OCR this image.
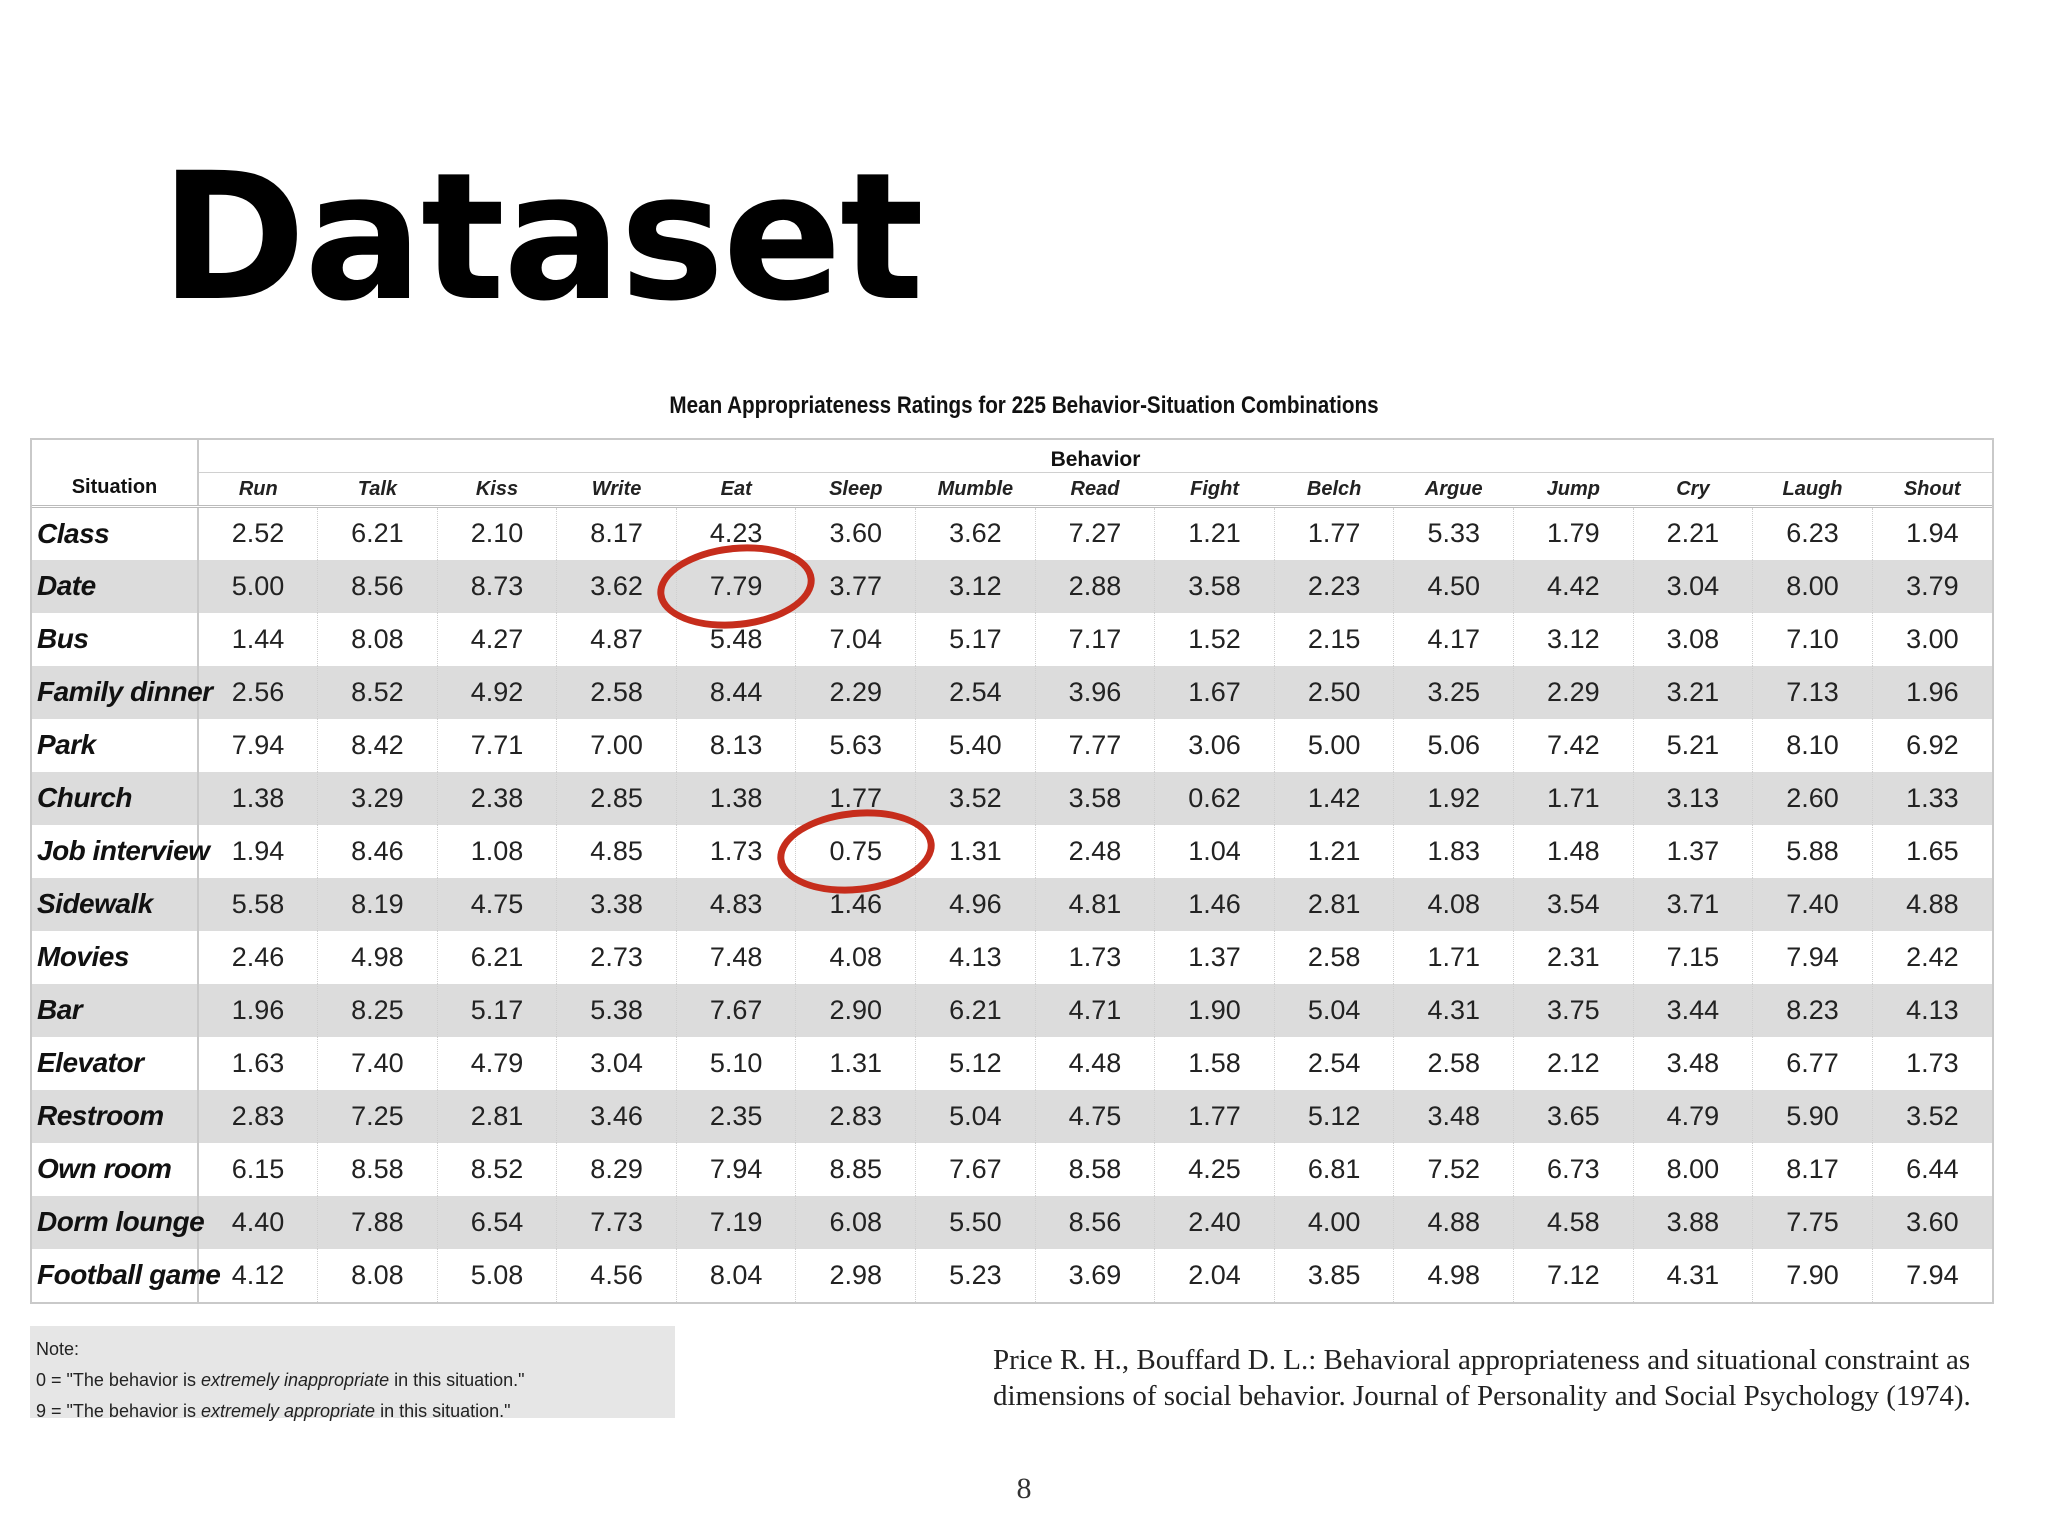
Dataset
Mean Appropriateness Ratings for 225 Behavior-Situation Combinations
Situation	Behavior														
	Run	Talk	Kiss	Write	Eat	Sleep	Mumble	Read	Fight	Belch	Argue	Jump	Cry	Laugh	Shout
Class	2.52	6.21	2.10	8.17	4.23	3.60	3.62	7.27	1.21	1.77	5.33	1.79	2.21	6.23	1.94
Date	5.00	8.56	8.73	3.62	7.79	3.77	3.12	2.88	3.58	2.23	4.50	4.42	3.04	8.00	3.79
Bus	1.44	8.08	4.27	4.87	5.48	7.04	5.17	7.17	1.52	2.15	4.17	3.12	3.08	7.10	3.00
Family dinner	2.56	8.52	4.92	2.58	8.44	2.29	2.54	3.96	1.67	2.50	3.25	2.29	3.21	7.13	1.96
Park	7.94	8.42	7.71	7.00	8.13	5.63	5.40	7.77	3.06	5.00	5.06	7.42	5.21	8.10	6.92
Church	1.38	3.29	2.38	2.85	1.38	1.77	3.52	3.58	0.62	1.42	1.92	1.71	3.13	2.60	1.33
Job interview	1.94	8.46	1.08	4.85	1.73	0.75	1.31	2.48	1.04	1.21	1.83	1.48	1.37	5.88	1.65
Sidewalk	5.58	8.19	4.75	3.38	4.83	1.46	4.96	4.81	1.46	2.81	4.08	3.54	3.71	7.40	4.88
Movies	2.46	4.98	6.21	2.73	7.48	4.08	4.13	1.73	1.37	2.58	1.71	2.31	7.15	7.94	2.42
Bar	1.96	8.25	5.17	5.38	7.67	2.90	6.21	4.71	1.90	5.04	4.31	3.75	3.44	8.23	4.13
Elevator	1.63	7.40	4.79	3.04	5.10	1.31	5.12	4.48	1.58	2.54	2.58	2.12	3.48	6.77	1.73
Restroom	2.83	7.25	2.81	3.46	2.35	2.83	5.04	4.75	1.77	5.12	3.48	3.65	4.79	5.90	3.52
Own room	6.15	8.58	8.52	8.29	7.94	8.85	7.67	8.58	4.25	6.81	7.52	6.73	8.00	8.17	6.44
Dorm lounge	4.40	7.88	6.54	7.73	7.19	6.08	5.50	8.56	2.40	4.00	4.88	4.58	3.88	7.75	3.60
Football game	4.12	8.08	5.08	4.56	8.04	2.98	5.23	3.69	2.04	3.85	4.98	7.12	4.31	7.90	7.94
Note:
0 = "The behavior is extremely inappropriate in this situation."
9 = "The behavior is extremely appropriate in this situation."
Price R. H., Bouffard D. L.: Behavioral appropriateness and situational constraint as dimensions of social behavior. Journal of Personality and Social Psychology (1974).
8
